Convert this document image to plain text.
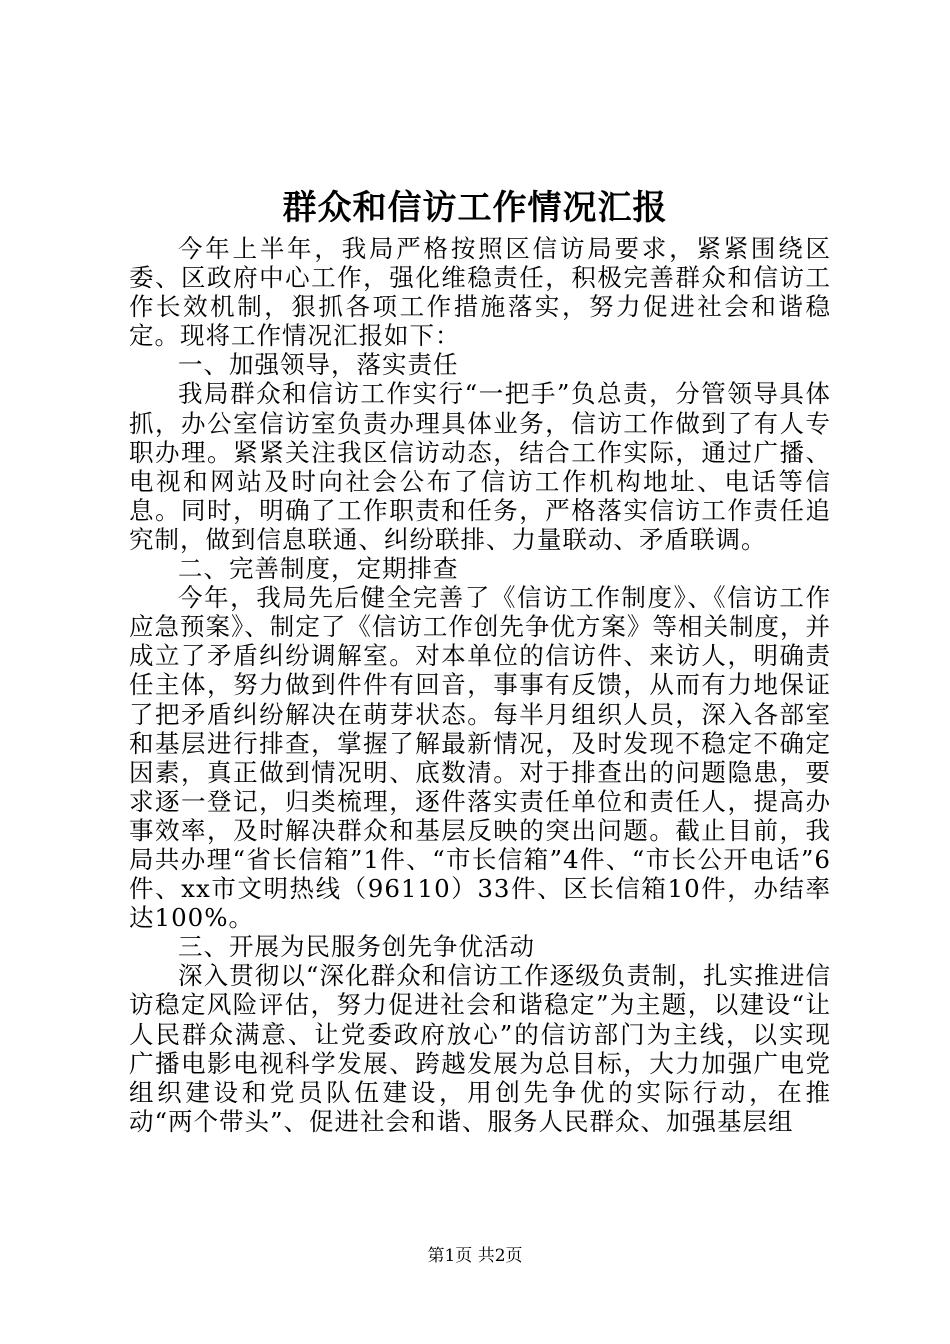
群众和信访工作情况汇报

今年上半年，我局严格按照区信访局要求，紧紧围绕区委、区政府中心工作，强化维稳责任，积极完善群众和信访工作长效机制，狠抓各项工作措施落实，努力促进社会和谐稳定。现将工作情况汇报如下：

一、加强领导，落实责任

我局群众和信访工作实行“一把手”负总责，分管领导具体抓，办公室信访室负责办理具体业务，信访工作做到了有人专职办理。紧紧关注我区信访动态，结合工作实际，通过广播、电视和网站及时向社会公布了信访工作机构地址、电话等信息。同时，明确了工作职责和任务，严格落实信访工作责任追究制，做到信息联通、纠纷联排、力量联动、矛盾联调。

二、完善制度，定期排查

今年，我局先后健全完善了《信访工作制度》、《信访工作应急预案》、制定了《信访工作创先争优方案》等相关制度，并成立了矛盾纠纷调解室。对本单位的信访件、来访人，明确责任主体，努力做到件件有回音，事事有反馈，从而有力地保证了把矛盾纠纷解决在萌芽状态。每半月组织人员，深入各部室和基层进行排查，掌握了解最新情况，及时发现不稳定不确定因素，真正做到情况明、底数清。对于排查出的问题隐患，要求逐一登记，归类梳理，逐件落实责任单位和责任人，提高办事效率，及时解决群众和基层反映的突出问题。截止目前，我局共办理“省长信箱”1件、“市长信箱”4件、“市长公开电话”6件、xx市文明热线（96110）33件、区长信箱10件，办结率达100%。

三、开展为民服务创先争优活动

深入贯彻以“深化群众和信访工作逐级负责制，扎实推进信访稳定风险评估，努力促进社会和谐稳定”为主题，以建设“让人民群众满意、让党委政府放心”的信访部门为主线，以实现广播电影电视科学发展、跨越发展为总目标，大力加强广电党组织建设和党员队伍建设，用创先争优的实际行动，在推动“两个带头”、促进社会和谐、服务人民群众、加强基层组

第1页 共2页
